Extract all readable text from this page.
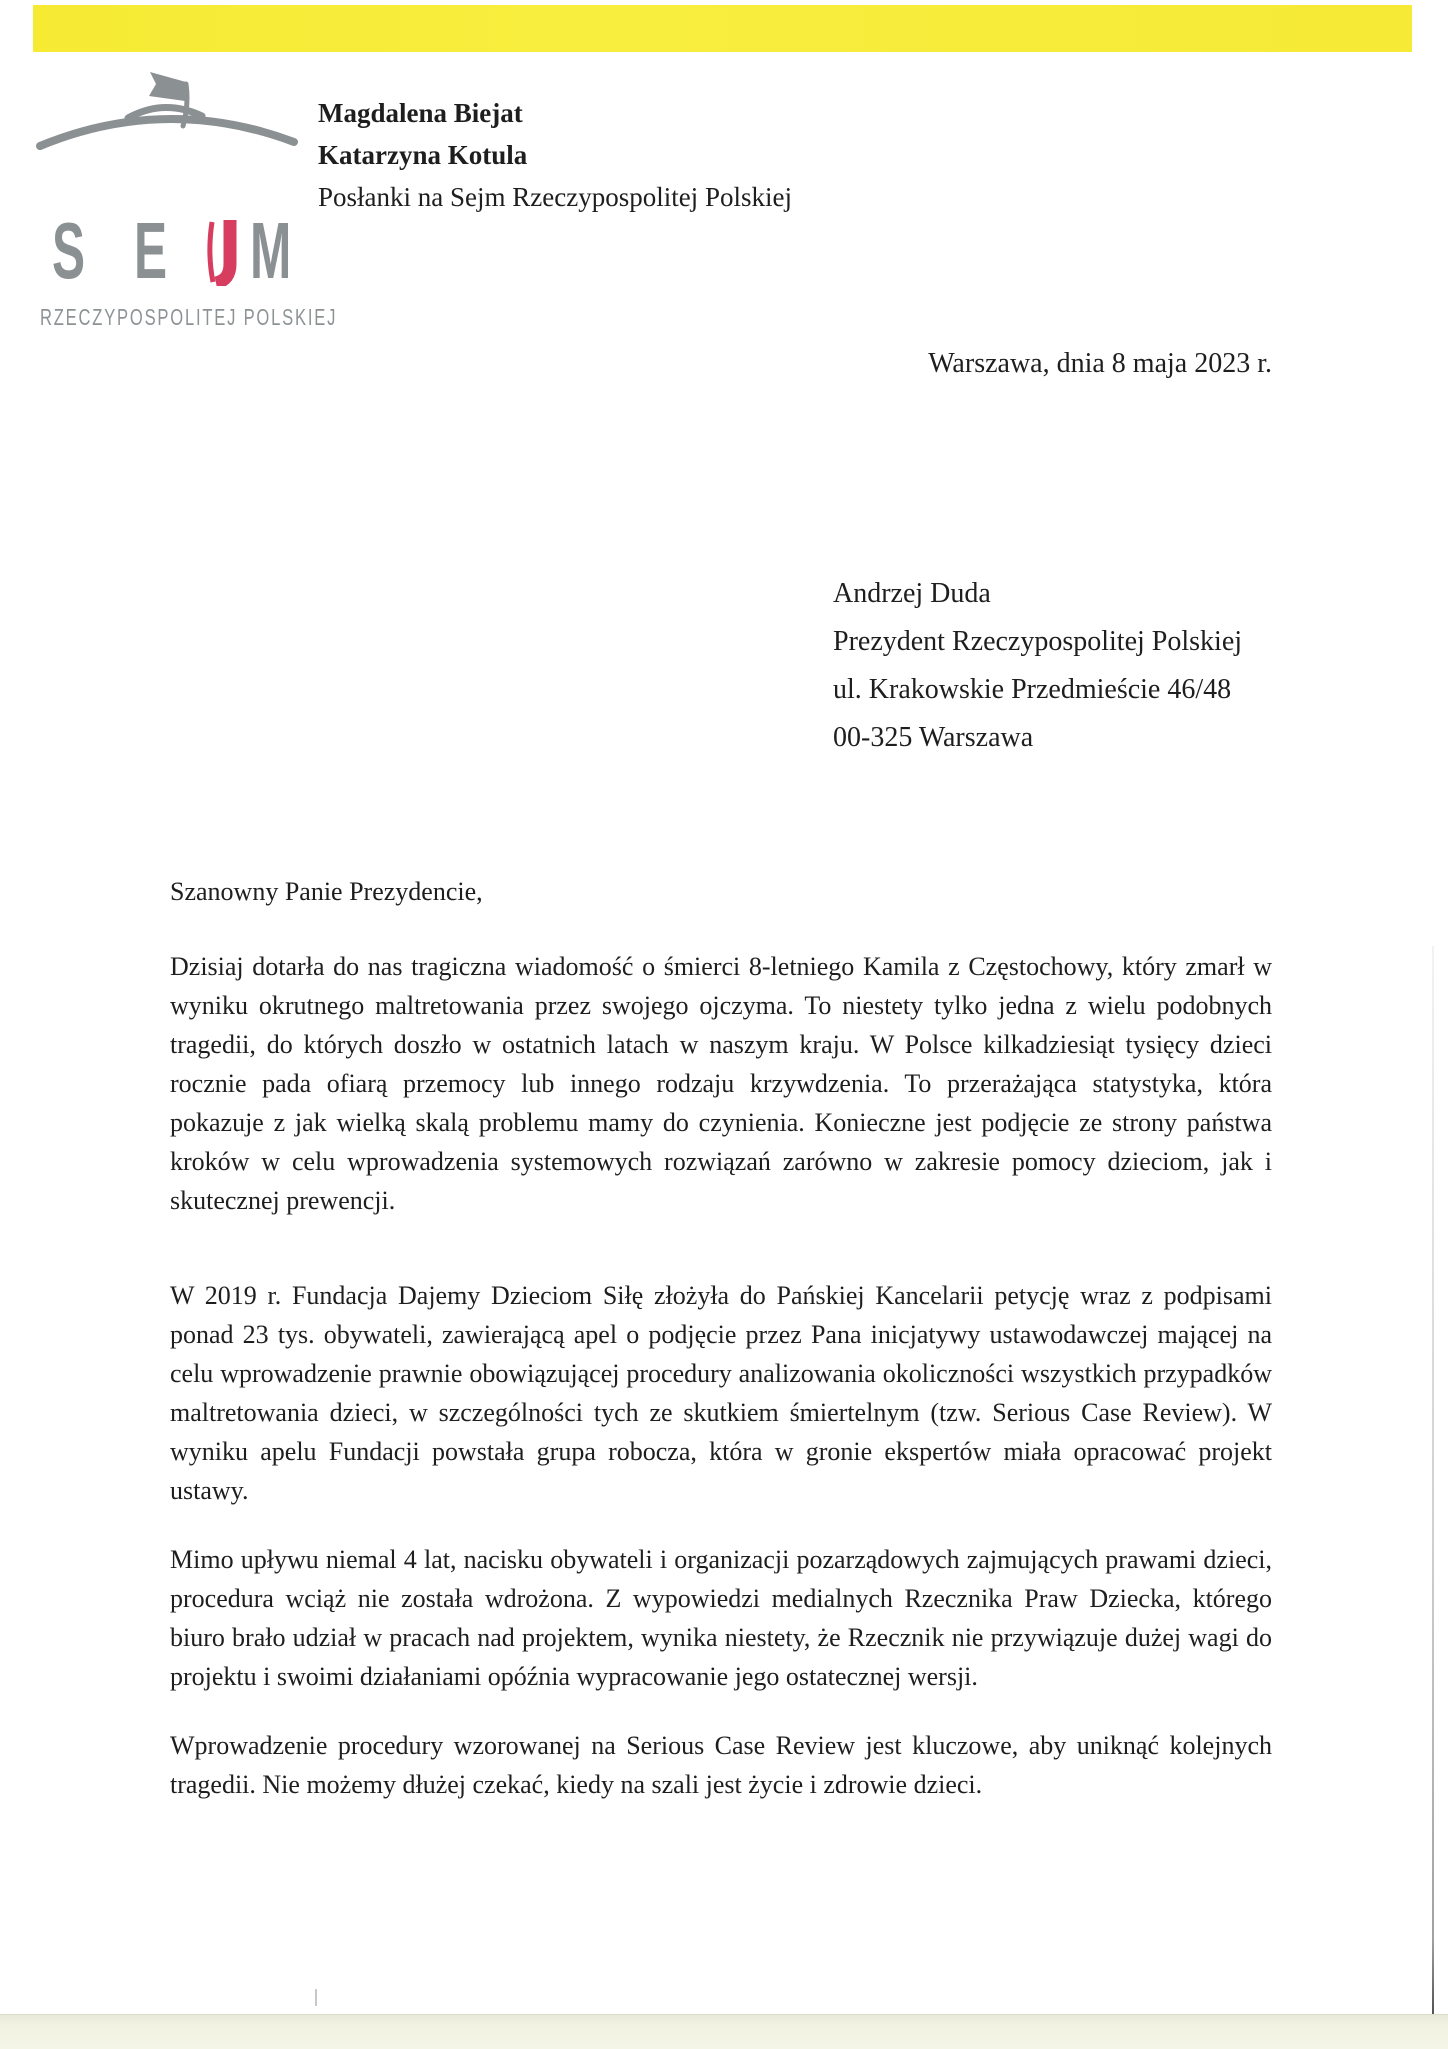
S E M
RZECZYPOSPOLITEJ POLSKIEJ
Magdalena Biejat
Katarzyna Kotula
Posłanki na Sejm Rzeczypospolitej Polskiej
Warszawa, dnia 8 maja 2023 r.
Andrzej Duda
Prezydent Rzeczypospolitej Polskiej
ul. Krakowskie Przedmieście 46/48
00-325 Warszawa

Szanowny Panie Prezydencie,

Dzisiaj dotarła do nas tragiczna wiadomość o śmierci 8-letniego Kamila z Częstochowy, który zmarł w wyniku okrutnego maltretowania przez swojego ojczyma. To niestety tylko jedna z wielu podobnych tragedii, do których doszło w ostatnich latach w naszym kraju. W Polsce kilkadziesiąt tysięcy dzieci rocznie pada ofiarą przemocy lub innego rodzaju krzywdzenia. To przerażająca statystyka, która pokazuje z jak wielką skalą problemu mamy do czynienia. Konieczne jest podjęcie ze strony państwa kroków w celu wprowadzenia systemowych rozwiązań zarówno w zakresie pomocy dzieciom, jak i skutecznej prewencji.

W 2019 r. Fundacja Dajemy Dzieciom Siłę złożyła do Pańskiej Kancelarii petycję wraz z podpisami ponad 23 tys. obywateli, zawierającą apel o podjęcie przez Pana inicjatywy ustawodawczej mającej na celu wprowadzenie prawnie obowiązującej procedury analizowania okoliczności wszystkich przypadków maltretowania dzieci, w szczególności tych ze skutkiem śmiertelnym (tzw. Serious Case Review). W wyniku apelu Fundacji powstała grupa robocza, która w gronie ekspertów miała opracować projekt ustawy.

Mimo upływu niemal 4 lat, nacisku obywateli i organizacji pozarządowych zajmujących prawami dzieci, procedura wciąż nie została wdrożona. Z wypowiedzi medialnych Rzecznika Praw Dziecka, którego biuro brało udział w pracach nad projektem, wynika niestety, że Rzecznik nie przywiązuje dużej wagi do projektu i swoimi działaniami opóźnia wypracowanie jego ostatecznej wersji.

Wprowadzenie procedury wzorowanej na Serious Case Review jest kluczowe, aby uniknąć kolejnych tragedii. Nie możemy dłużej czekać, kiedy na szali jest życie i zdrowie dzieci.
